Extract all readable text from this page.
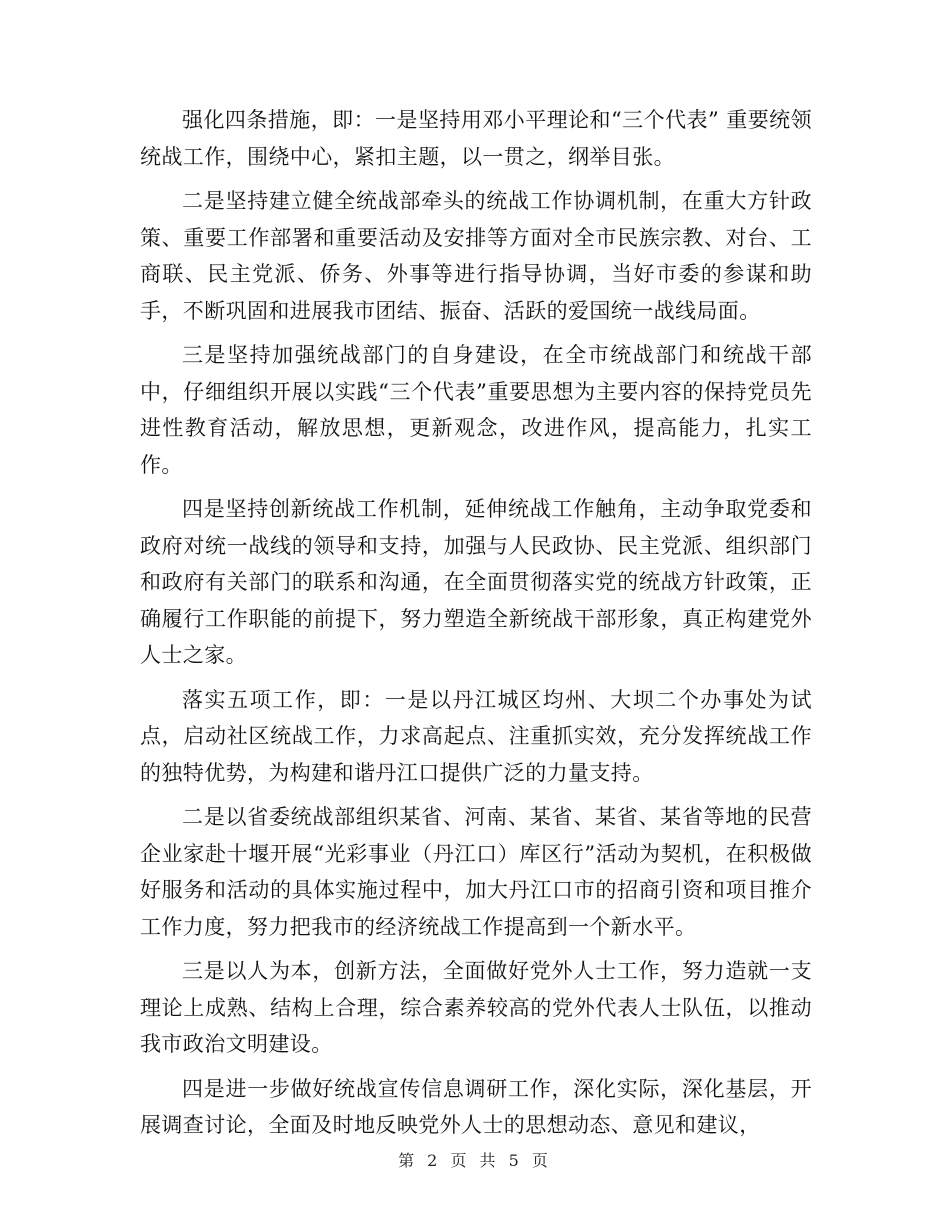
强化四条措施，即：一是坚持用邓小平理论和“三个代表” 重要统领统战工作，围绕中心，紧扣主题，以一贯之，纲举目张。

二是坚持建立健全统战部牵头的统战工作协调机制，在重大方针政策、重要工作部署和重要活动及安排等方面对全市民族宗教、对台、工商联、民主党派、侨务、外事等进行指导协调，当好市委的参谋和助手，不断巩固和进展我市团结、振奋、活跃的爱国统一战线局面。

三是坚持加强统战部门的自身建设，在全市统战部门和统战干部中，仔细组织开展以实践“三个代表”重要思想为主要内容的保持党员先进性教育活动，解放思想，更新观念，改进作风，提高能力，扎实工作。

四是坚持创新统战工作机制，延伸统战工作触角，主动争取党委和政府对统一战线的领导和支持，加强与人民政协、民主党派、组织部门和政府有关部门的联系和沟通，在全面贯彻落实党的统战方针政策，正确履行工作职能的前提下，努力塑造全新统战干部形象，真正构建党外人士之家。

落实五项工作，即：一是以丹江城区均州、大坝二个办事处为试点，启动社区统战工作，力求高起点、注重抓实效，充分发挥统战工作的独特优势，为构建和谐丹江口提供广泛的力量支持。

二是以省委统战部组织某省、河南、某省、某省、某省等地的民营企业家赴十堰开展“光彩事业（丹江口）库区行”活动为契机，在积极做好服务和活动的具体实施过程中，加大丹江口市的招商引资和项目推介工作力度，努力把我市的经济统战工作提高到一个新水平。

三是以人为本，创新方法，全面做好党外人士工作，努力造就一支理论上成熟、结构上合理，综合素养较高的党外代表人士队伍，以推动我市政治文明建设。

四是进一步做好统战宣传信息调研工作，深化实际，深化基层，开展调查讨论，全面及时地反映党外人士的思想动态、意见和建议，

第 2 页 共 5 页
